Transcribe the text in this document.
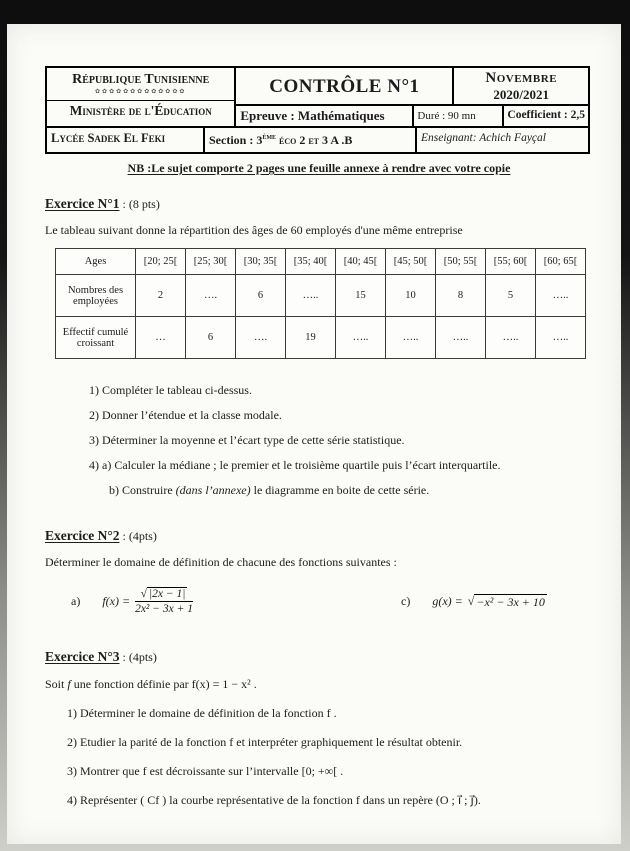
République Tunisienne
✿✿✿✿✿✿✿✿✿✿✿✿✿
Ministère de l'Éducation
CONTRÔLE N°1	Novembre
2020/2021
Epreuve : Mathématiques	Duré : 90 mn	Coefficient : 2,5
Lycée Sadek El Feki	Section : 3ème éco 2 et 3 A .B	Enseignant: Achich Fayçal
NB :Le sujet comporte 2 pages une feuille annexe à rendre avec votre copie
Exercice N°1 : (8 pts)
Le tableau suivant donne la répartition des âges de 60 employés d'une même entreprise
Ages	[20; 25[	[25; 30[	[30; 35[	[35; 40[	[40; 45[	[45; 50[	[50; 55[	[55; 60[	[60; 65[
Nombres des employées	2	….	6	…..	15	10	8	5	…..
Effectif cumulé croissant	…	6	….	19	…..	…..	…..	…..	…..
1) Compléter le tableau ci-dessus.
2) Donner l’étendue et la classe modale.
3) Déterminer la moyenne et l’écart type de cette série statistique.
4) a) Calculer la médiane ; le premier et le troisième quartile puis l’écart interquartile.
b) Construire (dans l’annexe) le diagramme en boite de cette série.
Exercice N°2 : (4pts)
Déterminer le domaine de définition de chacune des fonctions suivantes :
a) $f(x) = \frac{√ |2x - 1|}{\text{2x² − 3x + 1}}$	c) g(x) = √ −x² − 3x + 10
Exercice N°3 : (4pts)
Soit f une fonction définie par f(x) = 1 − x² .
1) Déterminer le domaine de définition de la fonction f .
2) Etudier la parité de la fonction f et interpréter graphiquement le résultat obtenir.
3) Montrer que f est décroissante sur l’intervalle [0; +∞[ .
4) Représenter ( Cf ) la courbe représentative de la fonction f dans un repère (O ; i⃗ ; j⃗).
